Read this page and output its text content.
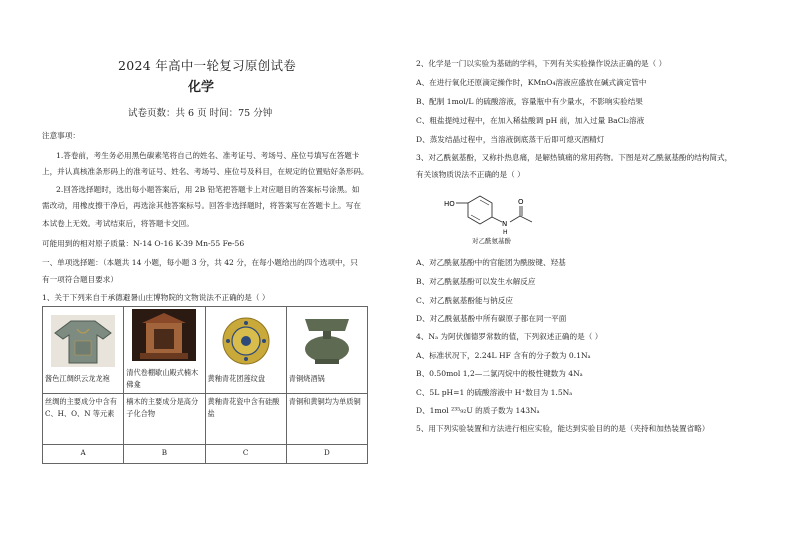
2024 年高中一轮复习原创试卷
化学
试卷页数：共 6 页 时间：75 分钟
注意事项：
1.答卷前，考生务必用黑色碳素笔将自己的姓名、准考证号、考场号、座位号填写在答题卡
上，并认真核准条形码上的准考证号、姓名、考场号、座位号及科目，在规定的位置贴好条形码。
2.回答选择题时，选出每小题答案后，用 2B 铅笔把答题卡上对应题目的答案标号涂黑。如
需改动，用橡皮擦干净后，再选涂其他答案标号。回答非选择题时，将答案写在答题卡上。写在
本试卷上无效。考试结束后，将答题卡交回。
可能用到的相对原子质量：N-14 O-16 K-39 Mn-55 Fe-56
一、单项选择题：（本题共 14 小题，每小题 3 分，共 42 分，在每小题给出的四个选项中，只
有一项符合题目要求）
1、关于下列来自于承德避暑山庄博物院的文物说法不正确的是（ ）
酱色江绸织云龙龙袍	清代卷棚歇山殿式楠木佛龛	黄釉青花团莲纹盘	青铜烧酒锅

丝绸的主要成分中含有 C、H、O、N 等元素	楠木的主要成分是高分子化合物	黄釉青花瓷中含有硅酸盐	青铜和黄铜均为单质铜
A	B	C	D
2、化学是一门以实验为基础的学科，下列有关实验操作说法正确的是（ ）
A、在进行氧化还原滴定操作时，KMnO₄溶液应盛放在碱式滴定管中
B、配制 1mol/L 的硫酸溶液，容量瓶中有少量水，不影响实验结果
C、粗盐提纯过程中，在加入稀盐酸调 pH 前，加入过量 BaCl₂溶液
D、蒸发结晶过程中，当溶液倒底蒸干后即可熄灭酒精灯
3、对乙酰氨基酚，又称扑热息痛，是解热镇痛的常用药物。下图是对乙酰氨基酚的结构简式，
有关该物质说法不正确的是（ ）
HO
N
H
O
对乙酰氨基酚
A、对乙酰氨基酚中的官能团为酰胺键、羟基
B、对乙酰氨基酚可以发生水解反应
C、对乙酰氨基酚能与钠反应
D、对乙酰氨基酚中所有碳原子都在同一平面
4、Nₐ 为阿伏伽德罗常数的值，下列叙述正确的是（ ）
A、标准状况下，2.24L HF 含有的分子数为 0.1Nₐ
B、0.50mol 1,2—二氯丙烷中的极性键数为 4Nₐ
C、5L pH=1 的硫酸溶液中 H⁺数目为 1.5Nₐ
D、1mol ²³⁵₉₂U 的质子数为 143Nₐ
5、用下列实验装置和方法进行相应实验，能达到实验目的的是（夹持和加热装置省略）
